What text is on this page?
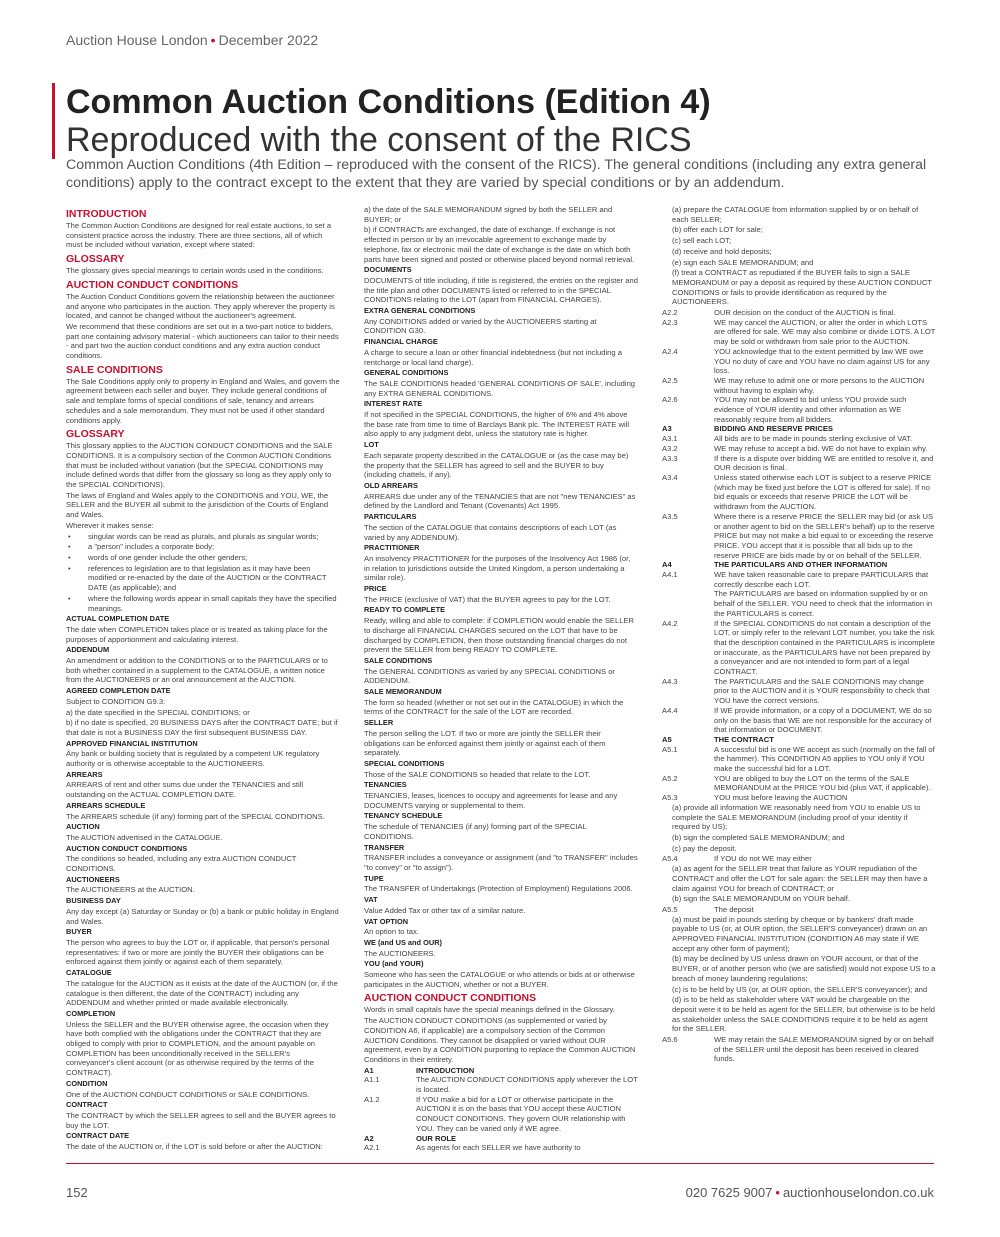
Auction House London • December 2022
Common Auction Conditions (Edition 4)
Reproduced with the consent of the RICS
Common Auction Conditions (4th Edition – reproduced with the consent of the RICS). The general conditions (including any extra general conditions) apply to the contract except to the extent that they are varied by special conditions or by an addendum.
INTRODUCTION

The Common Auction Conditions are designed for real estate auctions, to set a consistent practice across the industry. There are three sections, all of which must be included without variation, except where stated:

GLOSSARY

The glossary gives special meanings to certain words used in the conditions.

AUCTION CONDUCT CONDITIONS

The Auction Conduct Conditions govern the relationship between the auctioneer and anyone who participates in the auction. They apply wherever the property is located, and cannot be changed without the auctioneer's agreement.

We recommend that these conditions are set out in a two-part notice to bidders, part one containing advisory material - which auctioneers can tailor to their needs - and part two the auction conduct conditions and any extra auction conduct conditions.

SALE CONDITIONS

The Sale Conditions apply only to property in England and Wales, and govern the agreement between each seller and buyer. They include general conditions of sale and template forms of special conditions of sale, tenancy and arrears schedules and a sale memorandum. They must not be used if other standard conditions apply.

GLOSSARY

This glossary applies to the AUCTION CONDUCT CONDITIONS and the SALE CONDITIONS. It is a compulsory section of the Common AUCTION Conditions that must be included without variation (but the SPECIAL CONDITIONS may include defined words that differ from the glossary so long as they apply only to the SPECIAL CONDITIONS).

The laws of England and Wales apply to the CONDITIONS and YOU, WE, the SELLER and the BUYER all submit to the jurisdiction of the Courts of England and Wales.

Wherever it makes sense:

• singular words can be read as plurals, and plurals as singular words;

• a "person" includes a corporate body;

• words of one gender include the other genders;

• references to legislation are to that legislation as it may have been modified or re-enacted by the date of the AUCTION or the CONTRACT DATE (as applicable); and

• where the following words appear in small capitals they have the specified meanings.

ACTUAL COMPLETION DATE

The date when COMPLETION takes place or is treated as taking place for the purposes of apportionment and calculating interest.

ADDENDUM

An amendment or addition to the CONDITIONS or to the PARTICULARS or to both whether contained in a supplement to the CATALOGUE, a written notice from the AUCTIONEERS or an oral announcement at the AUCTION.

AGREED COMPLETION DATE

Subject to CONDITION G9.3:

a) the date specified in the SPECIAL CONDITIONS; or

b) if no date is specified, 20 BUSINESS DAYS after the CONTRACT DATE; but if that date is not a BUSINESS DAY the first subsequent BUSINESS DAY.

APPROVED FINANCIAL INSTITUTION

Any bank or building society that is regulated by a competent UK regulatory authority or is otherwise acceptable to the AUCTIONEERS.

ARREARS

ARREARS of rent and other sums due under the TENANCIES and still outstanding on the ACTUAL COMPLETION DATE.

ARREARS SCHEDULE

The ARREARS schedule (if any) forming part of the SPECIAL CONDITIONS.

AUCTION

The AUCTION advertised in the CATALOGUE.

AUCTION CONDUCT CONDITIONS

The conditions so headed, including any extra AUCTION CONDUCT CONDITIONS.

AUCTIONEERS

The AUCTIONEERS at the AUCTION.

BUSINESS DAY

Any day except (a) Saturday or Sunday or (b) a bank or public holiday in England and Wales.

BUYER

The person who agrees to buy the LOT or, if applicable, that person's personal representatives: if two or more are jointly the BUYER their obligations can be enforced against them jointly or against each of them separately.

CATALOGUE

The catalogue for the AUCTION as it exists at the date of the AUCTION (or, if the catalogue is then different, the date of the CONTRACT) including any ADDENDUM and whether printed or made available electronically.

COMPLETION

Unless the SELLER and the BUYER otherwise agree, the occasion when they have both complied with the obligations under the CONTRACT that they are obliged to comply with prior to COMPLETION, and the amount payable on COMPLETION has been unconditionally received in the SELLER's conveyancer's client account (or as otherwise required by the terms of the CONTRACT).

CONDITION

One of the AUCTION CONDUCT CONDITIONS or SALE CONDITIONS.

CONTRACT

The CONTRACT by which the SELLER agrees to sell and the BUYER agrees to buy the LOT.

CONTRACT DATE

The date of the AUCTION or, if the LOT is sold before or after the AUCTION:

a) the date of the SALE MEMORANDUM signed by both the SELLER and BUYER; or

b) if CONTRACTs are exchanged, the date of exchange. If exchange is not effected in person or by an irrevocable agreement to exchange made by telephone, fax or electronic mail the date of exchange is the date on which both parts have been signed and posted or otherwise placed beyond normal retrieval.

DOCUMENTS

DOCUMENTS of title including, if title is registered, the entries on the register and the title plan and other DOCUMENTS listed or referred to in the SPECIAL CONDITIONS relating to the LOT (apart from FINANCIAL CHARGES).

EXTRA GENERAL CONDITIONS

Any CONDITIONS added or varied by the AUCTIONEERS starting at CONDITION G30.

FINANCIAL CHARGE

A charge to secure a loan or other financial indebtedness (but not including a rentcharge or local land charge).

GENERAL CONDITIONS

The SALE CONDITIONS headed 'GENERAL CONDITIONS OF SALE', including any EXTRA GENERAL CONDITIONS.

INTEREST RATE

If not specified in the SPECIAL CONDITIONS, the higher of 6% and 4% above the base rate from time to time of Barclays Bank plc. The INTEREST RATE will also apply to any judgment debt, unless the statutory rate is higher.

LOT

Each separate property described in the CATALOGUE or (as the case may be) the property that the SELLER has agreed to sell and the BUYER to buy (including chattels, if any).

OLD ARREARS

ARREARS due under any of the TENANCIES that are not "new TENANCIES" as defined by the Landlord and Tenant (Covenants) Act 1995.

PARTICULARS

The section of the CATALOGUE that contains descriptions of each LOT (as varied by any ADDENDUM).

PRACTITIONER

An insolvency PRACTITIONER for the purposes of the Insolvency Act 1986 (or, in relation to jurisdictions outside the United Kingdom, a person undertaking a similar role).

PRICE

The PRICE (exclusive of VAT) that the BUYER agrees to pay for the LOT.

READY TO COMPLETE

Ready, willing and able to complete: if COMPLETION would enable the SELLER to discharge all FINANCIAL CHARGES secured on the LOT that have to be discharged by COMPLETION, then those outstanding financial charges do not prevent the SELLER from being READY TO COMPLETE.

SALE CONDITIONS

The GENERAL CONDITIONS as varied by any SPECIAL CONDITIONS or ADDENDUM.

SALE MEMORANDUM

The form so headed (whether or not set out in the CATALOGUE) in which the terms of the CONTRACT for the sale of the LOT are recorded.

SELLER

The person selling the LOT. If two or more are jointly the SELLER their obligations can be enforced against them jointly or against each of them separately.

SPECIAL CONDITIONS

Those of the SALE CONDITIONS so headed that relate to the LOT.

TENANCIES

TENANCIES, leases, licences to occupy and agreements for lease and any DOCUMENTS varying or supplemental to them.

TENANCY SCHEDULE

The schedule of TENANCIES (if any) forming part of the SPECIAL CONDITIONS.

TRANSFER

TRANSFER includes a conveyance or assignment (and "to TRANSFER" includes "to convey" or "to assign").

TUPE

The TRANSFER of Undertakings (Protection of Employment) Regulations 2006.

VAT

Value Added Tax or other tax of a similar nature.

VAT OPTION

An option to tax.

WE (and US and OUR)

The AUCTIONEERS.

YOU (and YOUR)

Someone who has seen the CATALOGUE or who attends or bids at or otherwise participates in the AUCTION, whether or not a BUYER.

AUCTION CONDUCT CONDITIONS

Words in small capitals have the special meanings defined in the Glossary.

The AUCTION CONDUCT CONDITIONS (as supplemented or varied by CONDITION A6, if applicable) are a compulsory section of the Common AUCTION Conditions. They cannot be disapplied or varied without OUR agreement, even by a CONDITION purporting to replace the Common AUCTION Conditions in their entirety.

A1	INTRODUCTION
A1.1	The AUCTION CONDUCT CONDITIONS apply wherever the LOT is located.
A1.2	If YOU make a bid for a LOT or otherwise participate in the AUCTION it is on the basis that YOU accept these AUCTION CONDUCT CONDITIONS. They govern OUR relationship with YOU. They can be varied only if WE agree.
A2	OUR ROLE
A2.1	As agents for each SELLER we have authority to

(a) prepare the CATALOGUE from information supplied by or on behalf of each SELLER;

(b) offer each LOT for sale;

(c) sell each LOT;

(d) receive and hold deposits;

(e) sign each SALE MEMORANDUM; and

(f) treat a CONTRACT as repudiated if the BUYER fails to sign a SALE MEMORANDUM or pay a deposit as required by these AUCTION CONDUCT CONDITIONS or fails to provide identification as required by the AUCTIONEERS.

A2.2	OUR decision on the conduct of the AUCTION is final.
A2.3	WE may cancel the AUCTION, or alter the order in which LOTS are offered for sale. WE may also combine or divide LOTS. A LOT may be sold or withdrawn from sale prior to the AUCTION.
A2.4	YOU acknowledge that to the extent permitted by law WE owe YOU no duty of care and YOU have no claim against US for any loss.
A2.5	WE may refuse to admit one or more persons to the AUCTION without having to explain why.
A2.6	YOU may not be allowed to bid unless YOU provide such evidence of YOUR identity and other information as WE reasonably require from all bidders.
A3	BIDDING AND RESERVE PRICES
A3.1	All bids are to be made in pounds sterling exclusive of VAT.
A3.2	WE may refuse to accept a bid. WE do not have to explain why.
A3.3	If there is a dispute over bidding WE are entitled to resolve it, and OUR decision is final.
A3.4	Unless stated otherwise each LOT is subject to a reserve PRICE (which may be fixed just before the LOT is offered for sale). If no bid equals or exceeds that reserve PRICE the LOT will be withdrawn from the AUCTION.
A3.5	Where there is a reserve PRICE the SELLER may bid (or ask US or another agent to bid on the SELLER's behalf) up to the reserve PRICE but may not make a bid equal to or exceeding the reserve PRICE. YOU accept that it is possible that all bids up to the reserve PRICE are bids made by or on behalf of the SELLER.
A4	THE PARTICULARS AND OTHER INFORMATION
A4.1	WE have taken reasonable care to prepare PARTICULARS that correctly describe each LOT.
The PARTICULARS are based on information supplied by or on behalf of the SELLER. YOU need to check that the information in the PARTICULARS is correct.
A4.2	If the SPECIAL CONDITIONS do not contain a description of the LOT, or simply refer to the relevant LOT number, you take the risk that the description contained in the PARTICULARS is incomplete or inaccurate, as the PARTICULARS have not been prepared by a conveyancer and are not intended to form part of a legal CONTRACT.
A4.3	The PARTICULARS and the SALE CONDITIONS may change prior to the AUCTION and it is YOUR responsibility to check that YOU have the correct versions.
A4.4	If WE provide information, or a copy of a DOCUMENT, WE do so only on the basis that WE are not responsible for the accuracy of that information or DOCUMENT.
A5	THE CONTRACT
A5.1	A successful bid is one WE accept as such (normally on the fall of the hammer). This CONDITION A5 applies to YOU only if YOU make the successful bid for a LOT.
A5.2	YOU are obliged to buy the LOT on the terms of the SALE MEMORANDUM at the PRICE YOU bid (plus VAT, if applicable).
A5.3	YOU must before leaving the AUCTION

(a) provide all information WE reasonably need from YOU to enable US to complete the SALE MEMORANDUM (including proof of your identity if required by US);

(b) sign the completed SALE MEMORANDUM; and

(c) pay the deposit.

A5.4	If YOU do not WE may either

(a) as agent for the SELLER treat that failure as YOUR repudiation of the CONTRACT and offer the LOT for sale again: the SELLER may then have a claim against YOU for breach of CONTRACT; or

(b) sign the SALE MEMORANDUM on YOUR behalf.

A5.5	The deposit

(a) must be paid in pounds sterling by cheque or by bankers' draft made payable to US (or, at OUR option, the SELLER'S conveyancer) drawn on an APPROVED FINANCIAL INSTITUTION (CONDITION A6 may state if WE accept any other form of payment);

(b) may be declined by US unless drawn on YOUR account, or that of the BUYER, or of another person who (we are satisfied) would not expose US to a breach of money laundering regulations;

(c) is to be held by US (or, at OUR option, the SELLER'S conveyancer); and

(d) is to be held as stakeholder where VAT would be chargeable on the deposit were it to be held as agent for the SELLER, but otherwise is to be held as stakeholder unless the SALE CONDITIONS require it to be held as agent for the SELLER.

A5.6	WE may retain the SALE MEMORANDUM signed by or on behalf of the SELLER until the deposit has been received in cleared funds.
152	020 7625 9007 • auctionhouselondon.co.uk
